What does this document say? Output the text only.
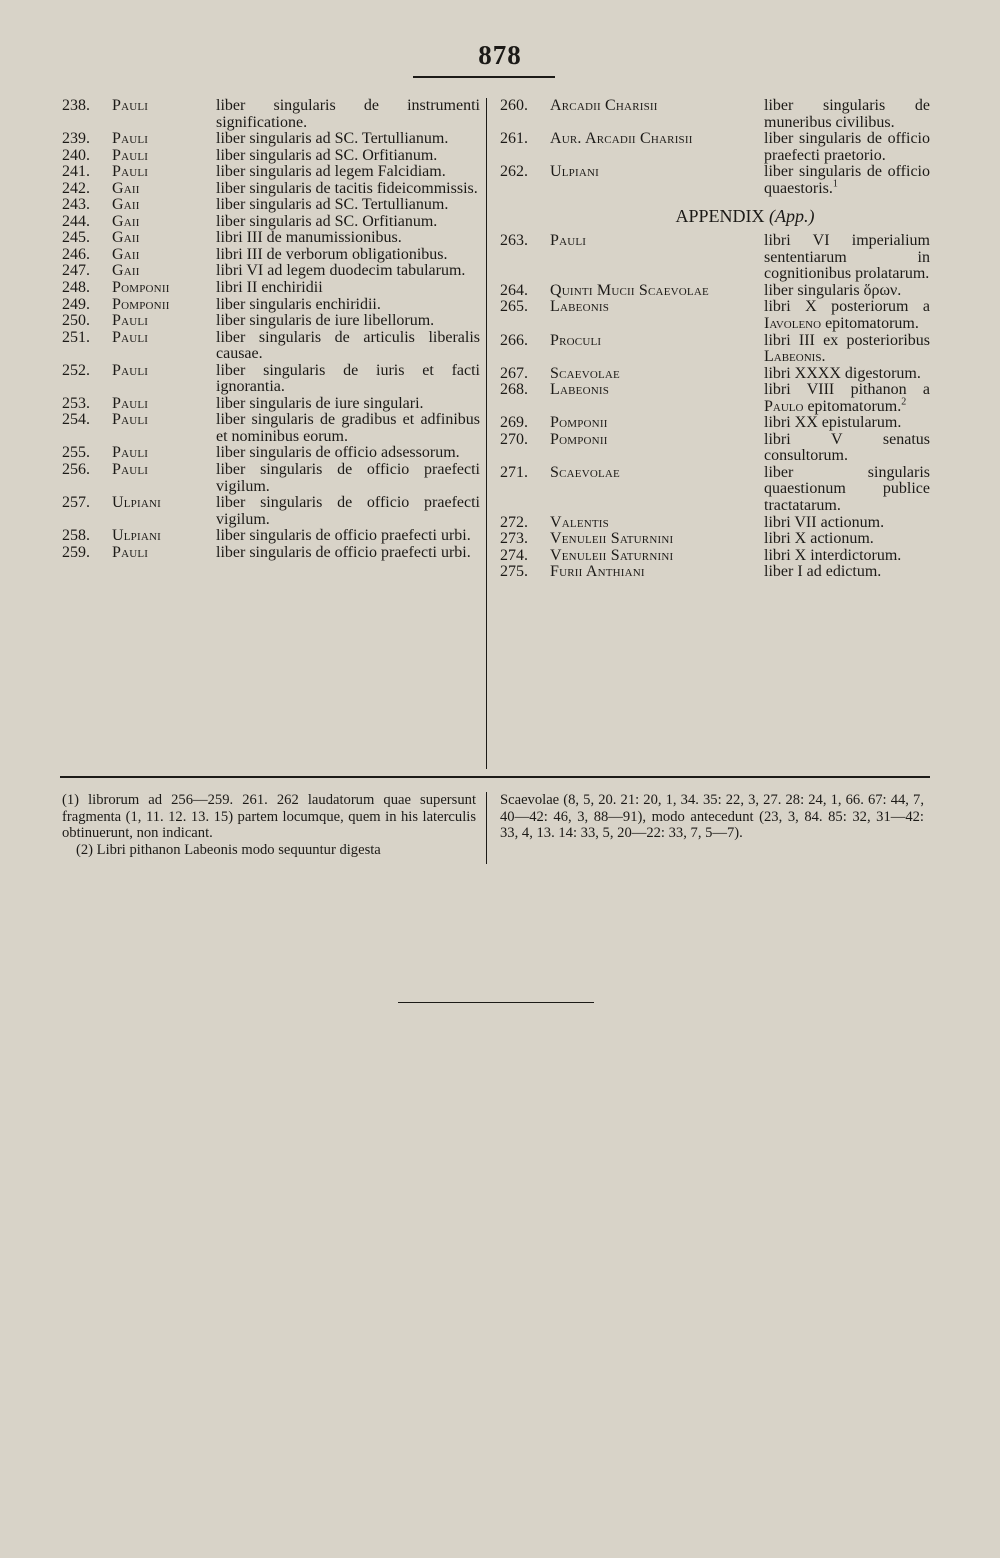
878
238.	Pauli	liber singularis de instrumenti significatione.
239.	Pauli	liber singularis ad SC. Tertullianum.
240.	Pauli	liber singularis ad SC. Orfitianum.
241.	Pauli	liber singularis ad legem Falcidiam.
242.	Gaii	liber singularis de tacitis fideicommissis.
243.	Gaii	liber singularis ad SC. Tertullianum.
244.	Gaii	liber singularis ad SC. Orfitianum.
245.	Gaii	libri III de manumissionibus.
246.	Gaii	libri III de verborum obligationibus.
247.	Gaii	libri VI ad legem duodecim tabularum.
248.	Pomponii	libri II enchiridii
249.	Pomponii	liber singularis enchiridii.
250.	Pauli	liber singularis de iure libellorum.
251.	Pauli	liber singularis de articulis liberalis causae.
252.	Pauli	liber singularis de iuris et facti ignorantia.
253.	Pauli	liber singularis de iure singulari.
254.	Pauli	liber singularis de gradibus et adfinibus et nominibus eorum.
255.	Pauli	liber singularis de officio adsessorum.
256.	Pauli	liber singularis de officio praefecti vigilum.
257.	Ulpiani	liber singularis de officio praefecti vigilum.
258.	Ulpiani	liber singularis de officio praefecti urbi.
259.	Pauli	liber singularis de officio praefecti urbi.
260.	Arcadii Charisii	liber singularis de muneribus civilibus.
261.	Aur. Arcadii Charisii	liber singularis de officio praefecti praetorio.
262.	Ulpiani	liber singularis de officio quaestoris.$^1$
APPENDIX (App.)
263.	Pauli	libri VI imperialium sententiarum in cognitionibus prolatarum.
264.	Quinti Mucii Scaevolae	liber singularis ὅρων.
265.	Labeonis	libri X posteriorum a Iavoleno epitomatorum.
266.	Proculi	libri III ex posterioribus Labeonis.
267.	Scaevolae	libri XXXX digestorum.
268.	Labeonis	libri VIII pithanon a Paulo epitomatorum.$^2$
269.	Pomponii	libri XX epistularum.
270.	Pomponii	libri V senatus consultorum.
271.	Scaevolae	liber singularis quaestionum publice tractatarum.
272.	Valentis	libri VII actionum.
273.	Venuleii Saturnini	libri X actionum.
274.	Venuleii Saturnini	libri X interdictorum.
275.	Furii Anthiani	liber I ad edictum.

(1) librorum ad 256—259. 261. 262 laudatorum quae supersunt fragmenta (1, 11. 12. 13. 15) partem locumque, quem in his laterculis obtinuerunt, non indicant.

(2) Libri pithanon Labeonis modo sequuntur digesta

Scaevolae (8, 5, 20. 21: 20, 1, 34. 35: 22, 3, 27. 28: 24, 1, 66. 67: 44, 7, 40—42: 46, 3, 88—91), modo antecedunt (23, 3, 84. 85: 32, 31—42: 33, 4, 13. 14: 33, 5, 20—22: 33, 7, 5—7).
